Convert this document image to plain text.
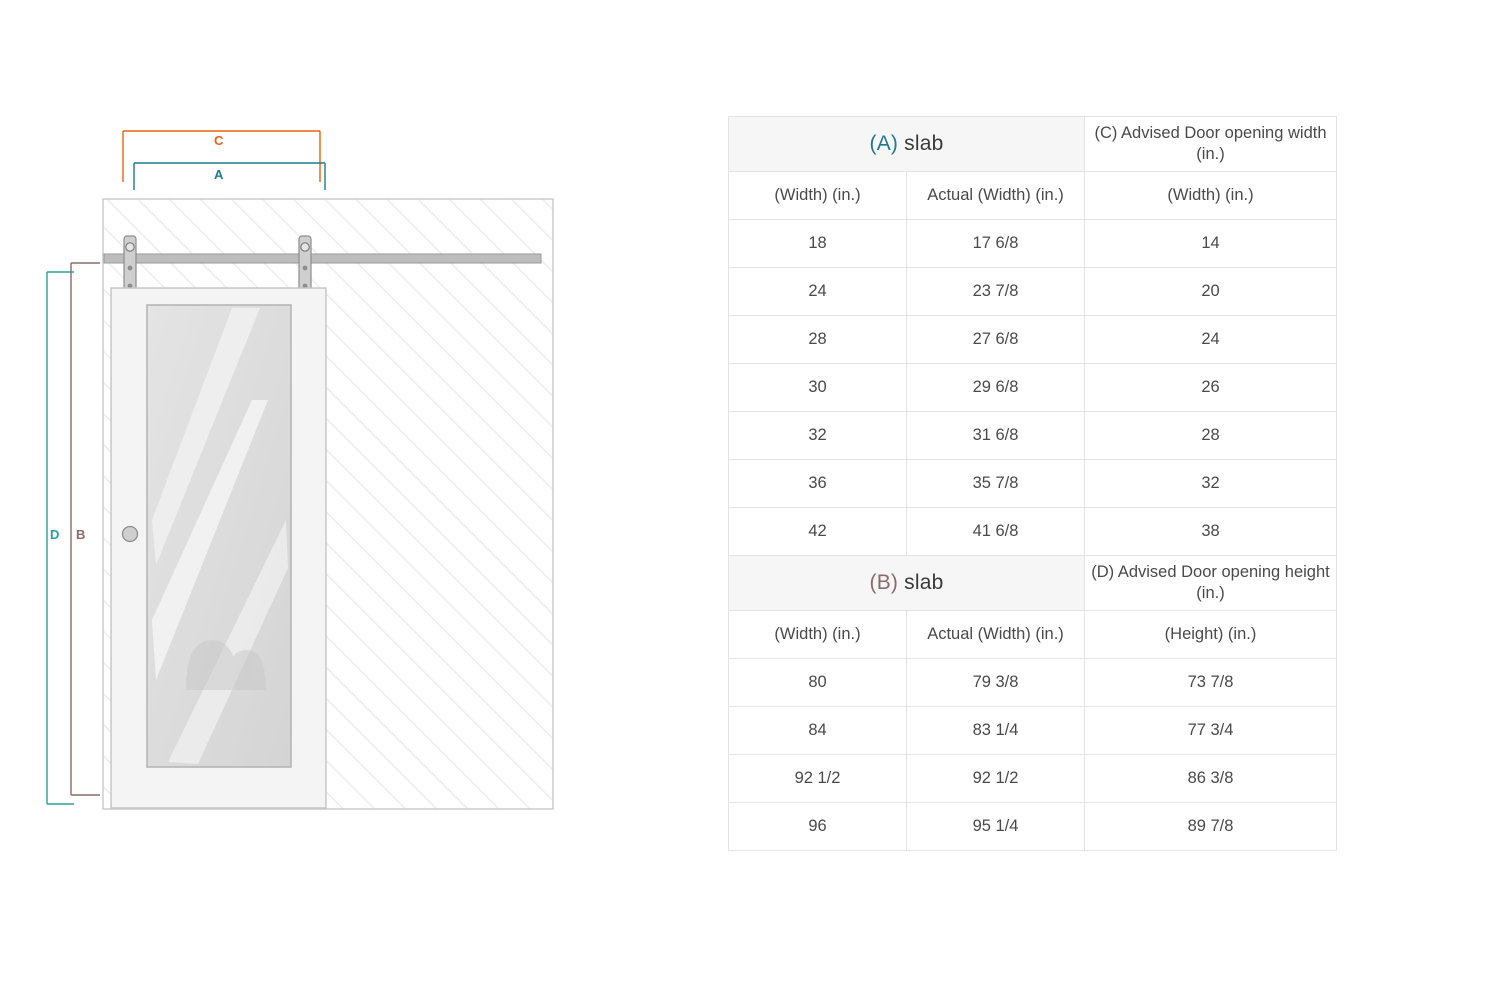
C
A
D B
(A) slab		(C) Advised Door opening width (in.)
(Width) (in.)	Actual (Width) (in.)	(Width) (in.)
18	17 6/8	14
24	23 7/8	20
28	27 6/8	24
30	29 6/8	26
32	31 6/8	28
36	35 7/8	32
42	41 6/8	38
(B) slab		(D) Advised Door opening height (in.)
(Width) (in.)	Actual (Width) (in.)	(Height) (in.)
80	79 3/8	73 7/8
84	83 1/4	77 3/4
92 1/2	92 1/2	86 3/8
96	95 1/4	89 7/8
